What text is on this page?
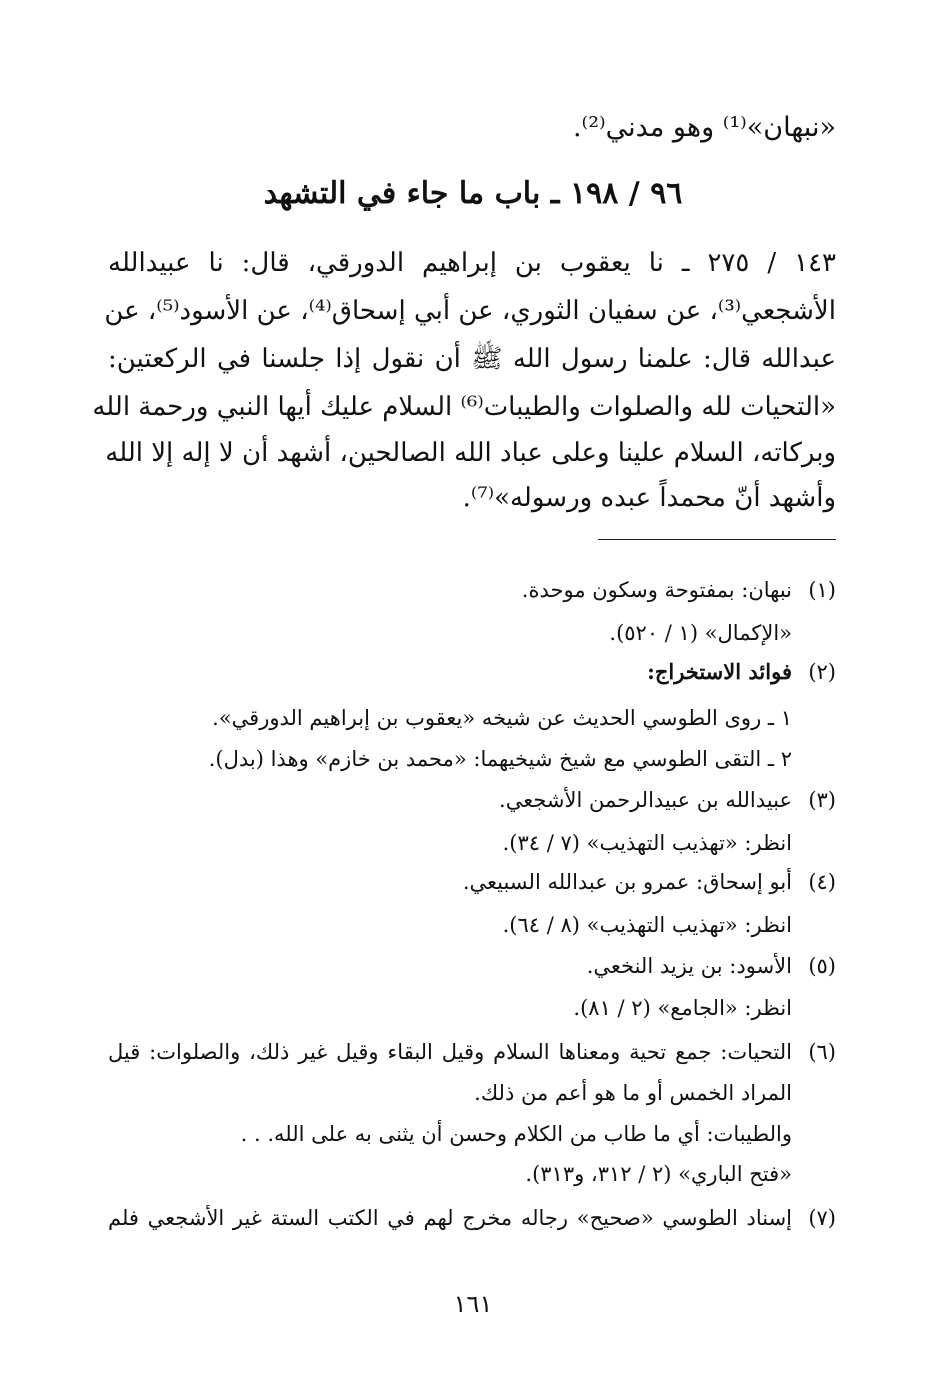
«نبهان»⁽¹⁾ وهو مدني⁽²⁾.
٩٦ / ١٩٨ ـ باب ما جاء في التشهد
١٤٣ / ٢٧٥ ـ نا يعقوب بن إبراهيم الدورقي، قال: نا عبيدالله
الأشجعي⁽³⁾، عن سفيان الثوري، عن أبي إسحاق⁽⁴⁾، عن الأسود⁽⁵⁾، عن
عبدالله قال: علمنا رسول الله ﷺ أن نقول إذا جلسنا في الركعتين:
«التحيات لله والصلوات والطيبات⁽⁶⁾ السلام عليك أيها النبي ورحمة الله
وبركاته، السلام علينا وعلى عباد الله الصالحين، أشهد أن لا إله إلا الله
وأشهد أنّ محمداً عبده ورسوله»⁽⁷⁾.
(١)نبهان: بمفتوحة وسكون موحدة.
«الإكمال» (١ / ٥٢٠).
(٢)فوائد الاستخراج:
١ ـ روى الطوسي الحديث عن شيخه «يعقوب بن إبراهيم الدورقي».
٢ ـ التقى الطوسي مع شيخ شيخيهما: «محمد بن خازم» وهذا (بدل).
(٣)عبيدالله بن عبيدالرحمن الأشجعي.
انظر: «تهذيب التهذيب» (٧ / ٣٤).
(٤)أبو إسحاق: عمرو بن عبدالله السبيعي.
انظر: «تهذيب التهذيب» (٨ / ٦٤).
(٥)الأسود: بن يزيد النخعي.
انظر: «الجامع» (٢ / ٨١).
(٦)التحيات: جمع تحية ومعناها السلام وقيل البقاء وقيل غير ذلك، والصلوات: قيل
المراد الخمس أو ما هو أعم من ذلك.
والطيبات: أي ما طاب من الكلام وحسن أن يثنى به على الله. . .
«فتح الباري» (٢ / ٣١٢، و٣١٣).
(٧)إسناد الطوسي «صحيح» رجاله مخرج لهم في الكتب الستة غير الأشجعي فلم
١٦١
